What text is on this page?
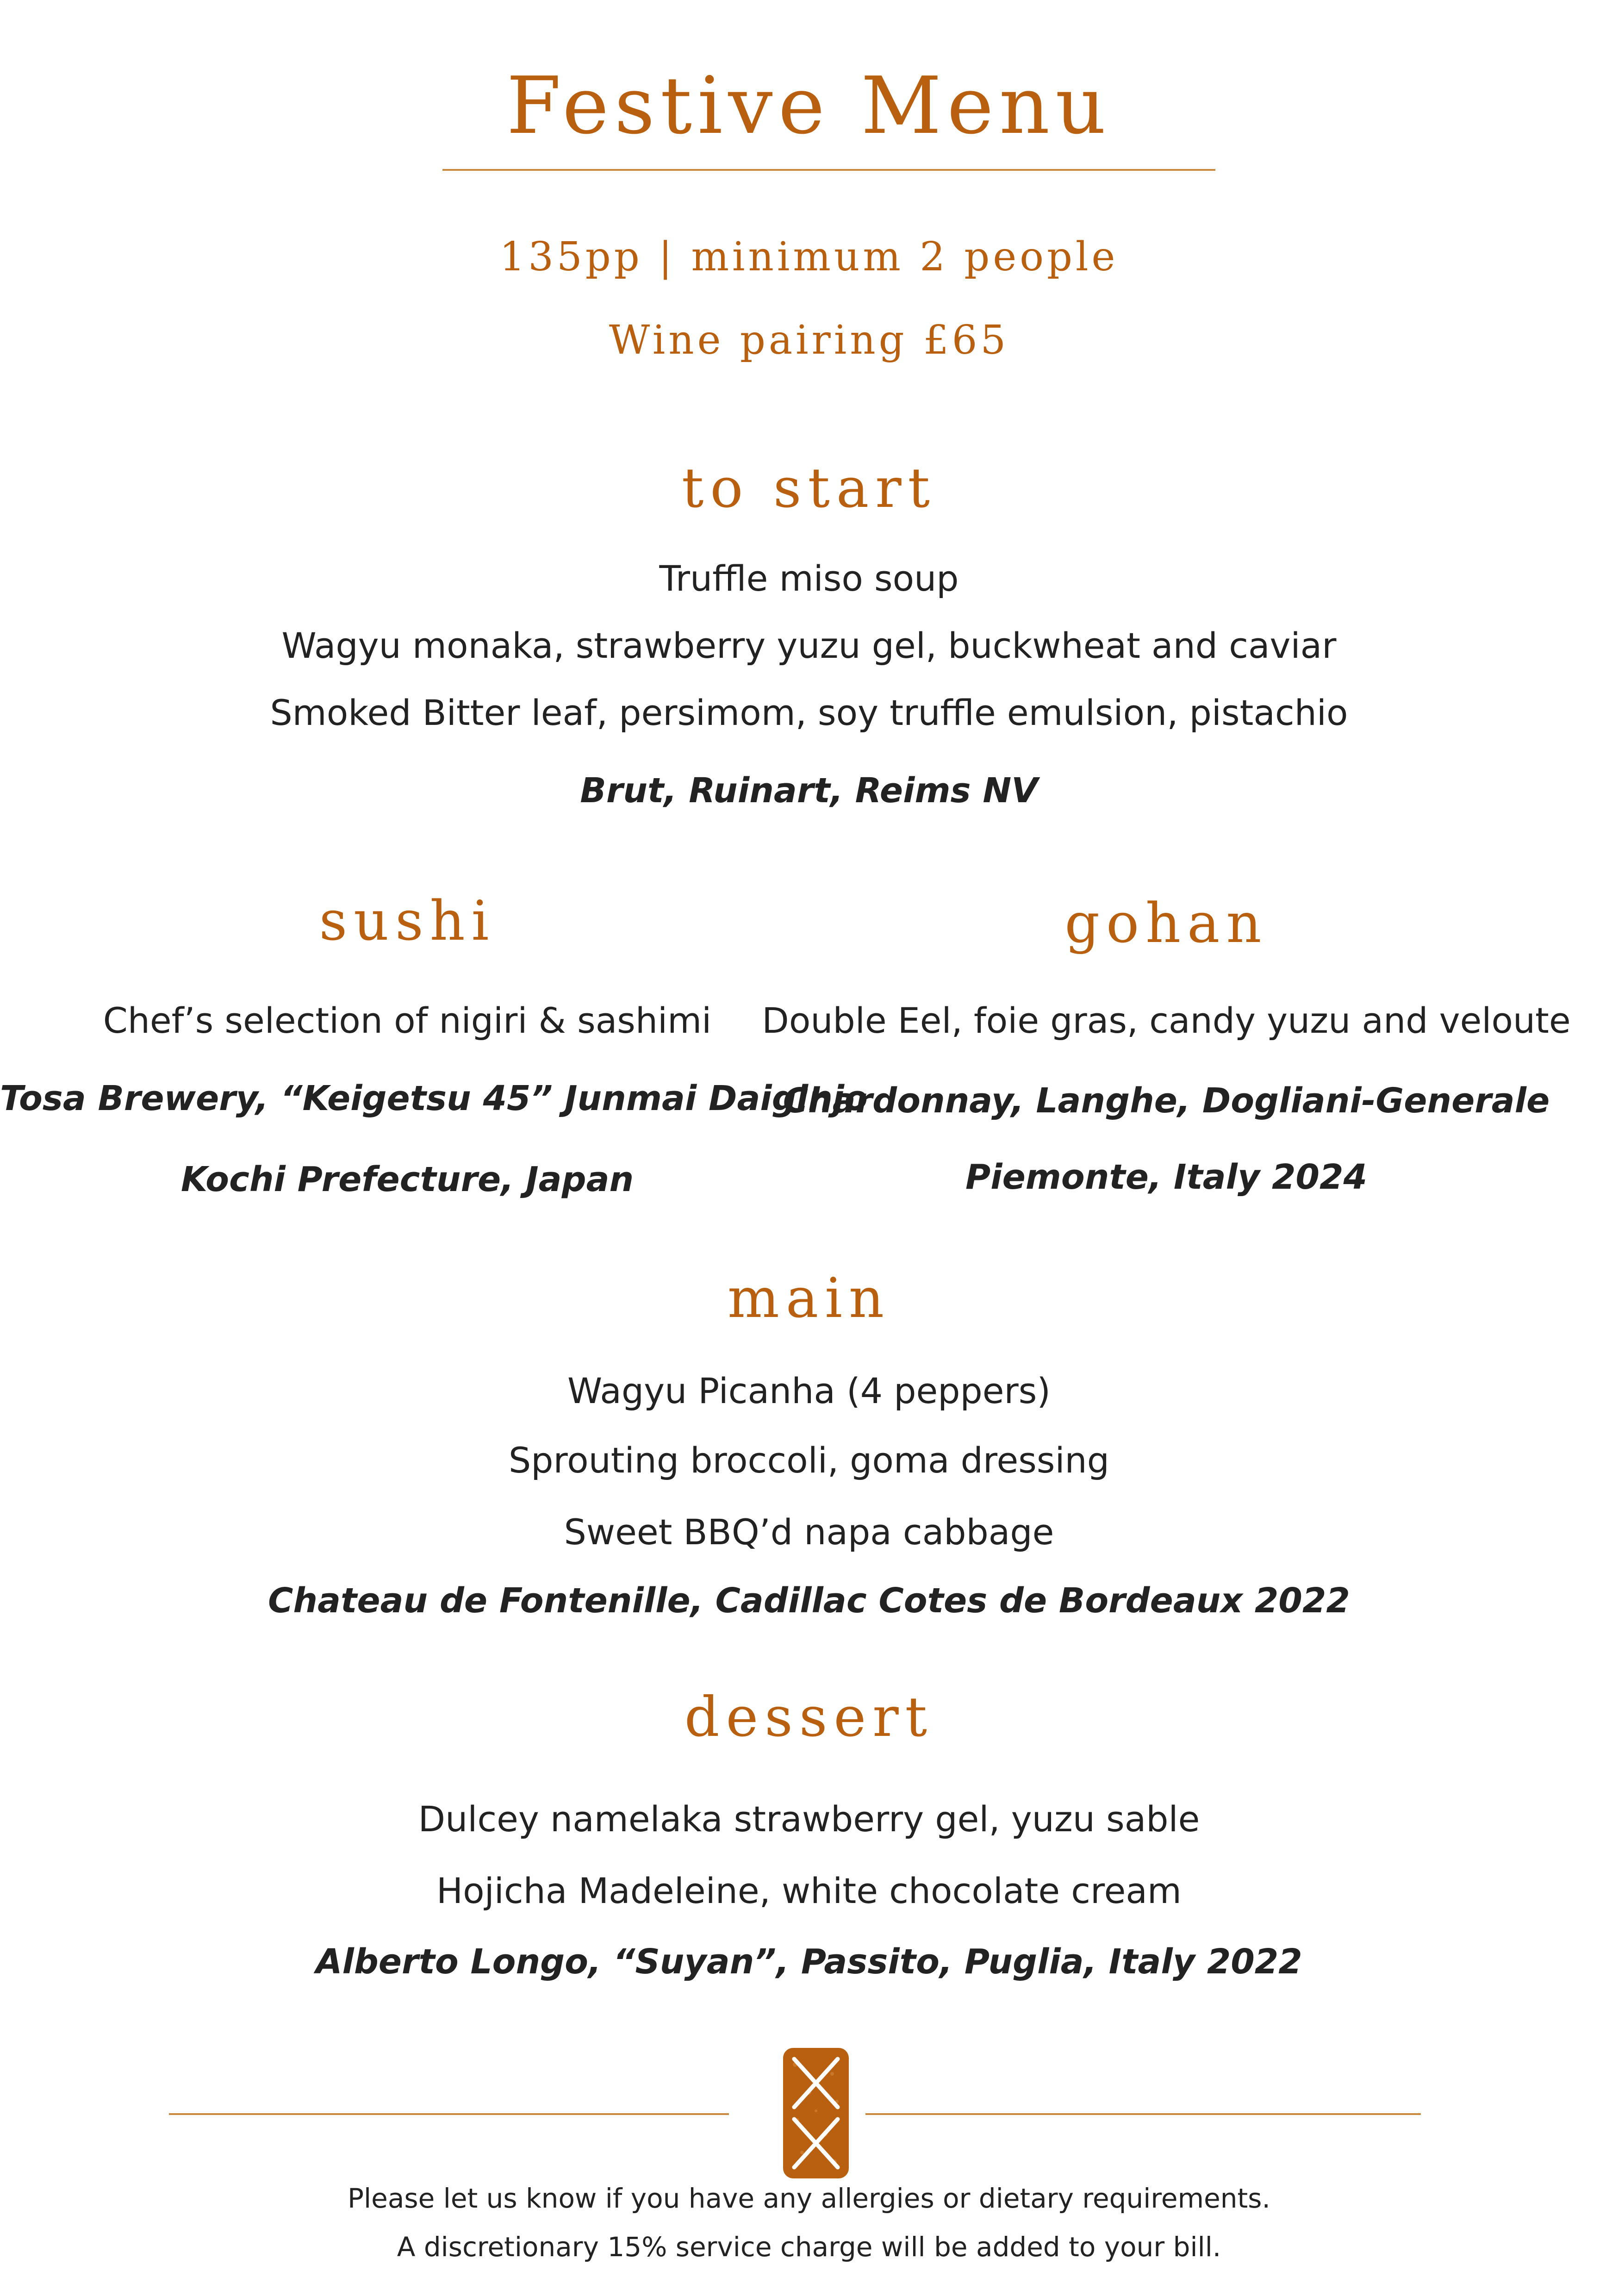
Festive Menu
135pp | minimum 2 people
Wine pairing £65
to start
Truffle miso soup
Wagyu monaka, strawberry yuzu gel, buckwheat and caviar
Smoked Bitter leaf, persimom, soy truffle emulsion, pistachio
Brut, Ruinart, Reims NV
sushi
Chef’s selection of nigiri & sashimi
Tosa Brewery, “Keigetsu 45” Junmai Daiginjo
Kochi Prefecture, Japan
gohan
Double Eel, foie gras, candy yuzu and veloute
Chardonnay, Langhe, Dogliani-Generale
Piemonte, Italy 2024
main
Wagyu Picanha (4 peppers)
Sprouting broccoli, goma dressing
Sweet BBQ’d napa cabbage
Chateau de Fontenille, Cadillac Cotes de Bordeaux 2022
dessert
Dulcey namelaka strawberry gel, yuzu sable
Hojicha Madeleine, white chocolate cream
Alberto Longo, “Suyan”, Passito, Puglia, Italy 2022
Please let us know if you have any allergies or dietary requirements.
A discretionary 15% service charge will be added to your bill.
